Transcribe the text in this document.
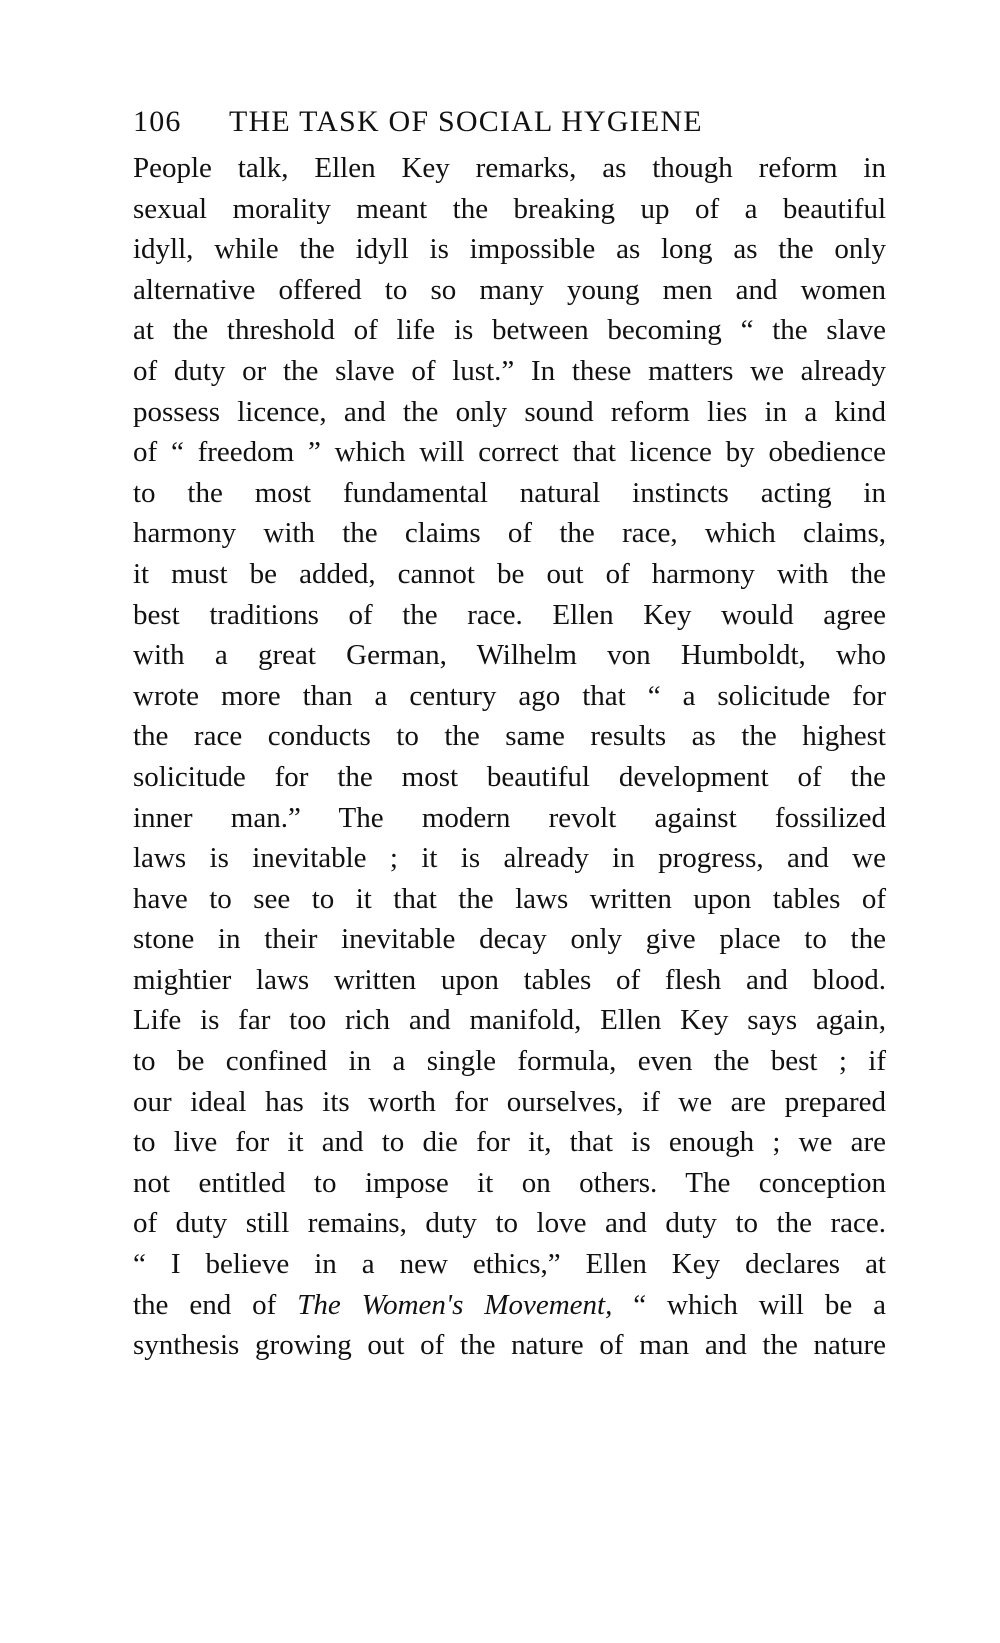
106 THE TASK OF SOCIAL HYGIENE
People talk, Ellen Key remarks, as though reform in
sexual morality meant the breaking up of a beautiful
idyll, while the idyll is impossible as long as the only
alternative offered to so many young men and women
at the threshold of life is between becoming “ the slave
of duty or the slave of lust.” In these matters we already
possess licence, and the only sound reform lies in a kind
of “ freedom ” which will correct that licence by obedience
to the most fundamental natural instincts acting in
harmony with the claims of the race, which claims,
it must be added, cannot be out of harmony with the
best traditions of the race. Ellen Key would agree
with a great German, Wilhelm von Humboldt, who
wrote more than a century ago that “ a solicitude for
the race conducts to the same results as the highest
solicitude for the most beautiful development of the
inner man.” The modern revolt against fossilized
laws is inevitable ; it is already in progress, and we
have to see to it that the laws written upon tables of
stone in their inevitable decay only give place to the
mightier laws written upon tables of flesh and blood.
Life is far too rich and manifold, Ellen Key says again,
to be confined in a single formula, even the best ; if
our ideal has its worth for ourselves, if we are prepared
to live for it and to die for it, that is enough ; we are
not entitled to impose it on others. The conception
of duty still remains, duty to love and duty to the race.
“ I believe in a new ethics,” Ellen Key declares at
the end of The Women's Movement, “ which will be a
synthesis growing out of the nature of man and the nature
